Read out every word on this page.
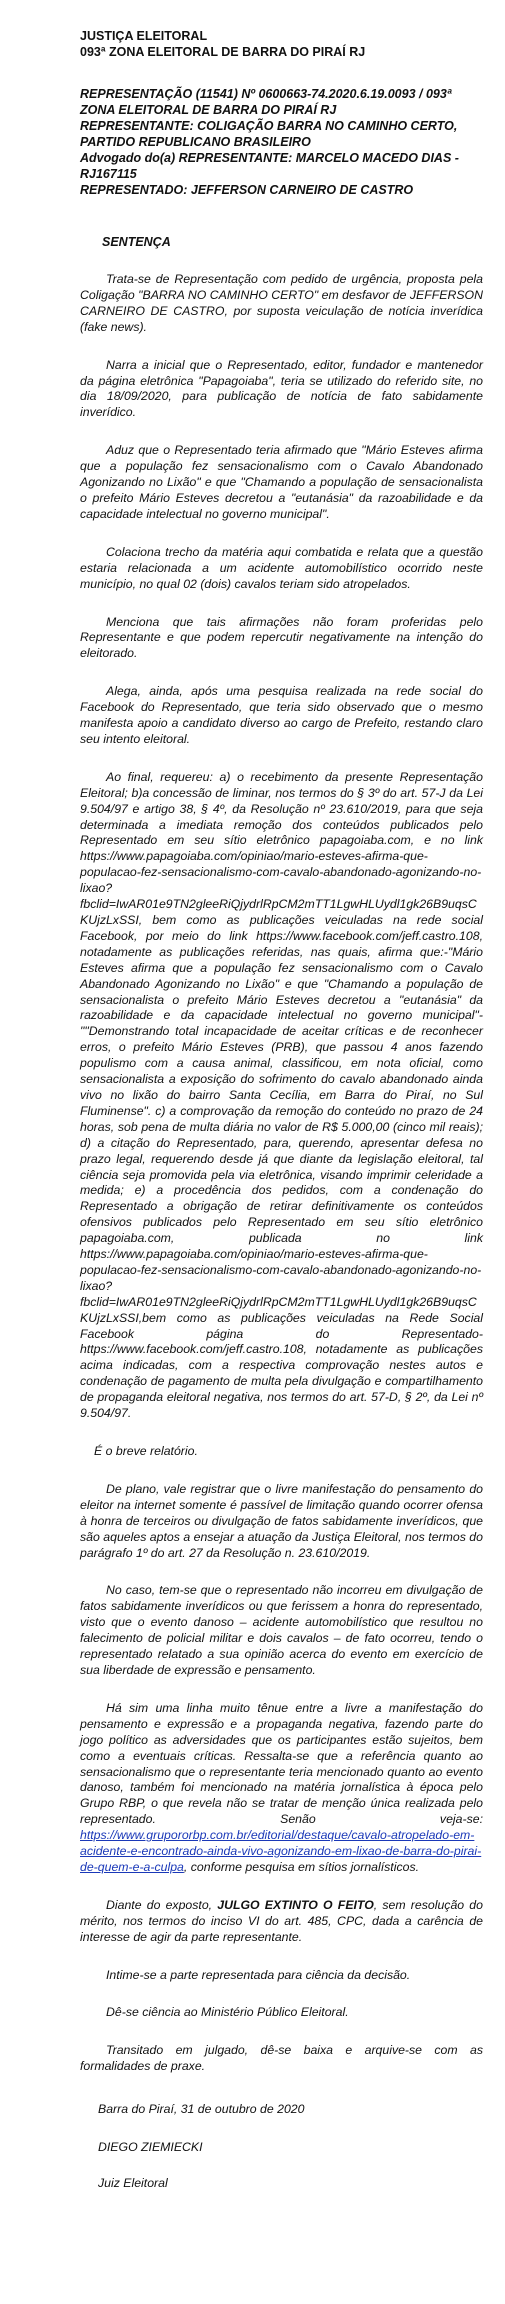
JUSTIÇA ELEITORAL
093ª ZONA ELEITORAL DE BARRA DO PIRAÍ RJ
REPRESENTAÇÃO (11541) Nº 0600663-74.2020.6.19.0093 / 093ª
ZONA ELEITORAL DE BARRA DO PIRAÍ RJ
REPRESENTANTE: COLIGAÇÃO BARRA NO CAMINHO CERTO,
PARTIDO REPUBLICANO BRASILEIRO
Advogado do(a) REPRESENTANTE: MARCELO MACEDO DIAS -
RJ167115
REPRESENTADO: JEFFERSON CARNEIRO DE CASTRO
SENTENÇA
Trata-se de Representação com pedido de urgência, proposta pela Coligação "BARRA NO CAMINHO CERTO" em desfavor de JEFFERSON CARNEIRO DE CASTRO, por suposta veiculação de notícia inverídica (fake news).
Narra a inicial que o Representado, editor, fundador e mantenedor da página eletrônica "Papagoiaba", teria se utilizado do referido site, no dia 18/09/2020, para publicação de notícia de fato sabidamente inverídico.
Aduz que o Representado teria afirmado que "Mário Esteves afirma que a população fez sensacionalismo com o Cavalo Abandonado Agonizando no Lixão" e que "Chamando a população de sensacionalista o prefeito Mário Esteves decretou a "eutanásia" da razoabilidade e da capacidade intelectual no governo municipal".
Colaciona trecho da matéria aqui combatida e relata que a questão estaria relacionada a um acidente automobilístico ocorrido neste município, no qual 02 (dois) cavalos teriam sido atropelados.
Menciona que tais afirmações não foram proferidas pelo Representante e que podem repercutir negativamente na intenção do eleitorado.
Alega, ainda, após uma pesquisa realizada na rede social do Facebook do Representado, que teria sido observado que o mesmo manifesta apoio a candidato diverso ao cargo de Prefeito, restando claro seu intento eleitoral.
Ao final, requereu: a) o recebimento da presente Representação Eleitoral; b)a concessão de liminar, nos termos do § 3º do art. 57-J da Lei 9.504/97 e artigo 38, § 4º, da Resolução nº 23.610/2019, para que seja determinada a imediata remoção dos conteúdos publicados pelo Representado em seu sítio eletrônico papagoiaba.com, e no link https://www.papagoiaba.com/opiniao/mario-esteves-afirma-que-populacao-fez-sensacionalismo-com-cavalo-abandonado-agonizando-no-lixao?fbclid=IwAR01e9TN2gleeRiQjydrlRpCM2mTT1LgwHLUydl1gk26B9uqsCKUjzLxSSI, bem como as publicações veiculadas na rede social Facebook, por meio do link https://www.facebook.com/jeff.castro.108, notadamente as publicações referidas, nas quais, afirma que:-"Mário Esteves afirma que a população fez sensacionalismo com o Cavalo Abandonado Agonizando no Lixão" e que "Chamando a população de sensacionalista o prefeito Mário Esteves decretou a "eutanásia" da razoabilidade e da capacidade intelectual no governo municipal"- ""Demonstrando total incapacidade de aceitar críticas e de reconhecer erros, o prefeito Mário Esteves (PRB), que passou 4 anos fazendo populismo com a causa animal, classificou, em nota oficial, como sensacionalista a exposição do sofrimento do cavalo abandonado ainda vivo no lixão do bairro Santa Cecília, em Barra do Piraí, no Sul Fluminense". c) a comprovação da remoção do conteúdo no prazo de 24 horas, sob pena de multa diária no valor de R$ 5.000,00 (cinco mil reais); d) a citação do Representado, para, querendo, apresentar defesa no prazo legal, requerendo desde já que diante da legislação eleitoral, tal ciência seja promovida pela via eletrônica, visando imprimir celeridade a medida; e) a procedência dos pedidos, com a condenação do Representado a obrigação de retirar definitivamente os conteúdos ofensivos publicados pelo Representado em seu sítio eletrônico papagoiaba.com, publicada no link https://www.papagoiaba.com/opiniao/mario-esteves-afirma-que-populacao-fez-sensacionalismo-com-cavalo-abandonado-agonizando-no-lixao?fbclid=IwAR01e9TN2gleeRiQjydrlRpCM2mTT1LgwHLUydl1gk26B9uqsCKUjzLxSSI,bem como as publicações veiculadas na Rede Social Facebook página do Representado-https://www.facebook.com/jeff.castro.108, notadamente as publicações acima indicadas, com a respectiva comprovação nestes autos e condenação de pagamento de multa pela divulgação e compartilhamento de propaganda eleitoral negativa, nos termos do art. 57-D, § 2º, da Lei nº 9.504/97.
É o breve relatório.
De plano, vale registrar que o livre manifestação do pensamento do eleitor na internet somente é passível de limitação quando ocorrer ofensa à honra de terceiros ou divulgação de fatos sabidamente inverídicos, que são aqueles aptos a ensejar a atuação da Justiça Eleitoral, nos termos do parágrafo 1º do art. 27 da Resolução n. 23.610/2019.
No caso, tem-se que o representado não incorreu em divulgação de fatos sabidamente inverídicos ou que ferissem a honra do representado, visto que o evento danoso – acidente automobilístico que resultou no falecimento de policial militar e dois cavalos – de fato ocorreu, tendo o representado relatado a sua opinião acerca do evento em exercício de sua liberdade de expressão e pensamento.
Há sim uma linha muito tênue entre a livre a manifestação do pensamento e expressão e a propaganda negativa, fazendo parte do jogo político as adversidades que os participantes estão sujeitos, bem como a eventuais críticas. Ressalta-se que a referência quanto ao sensacionalismo que o representante teria mencionado quanto ao evento danoso, também foi mencionado na matéria jornalística à época pelo Grupo RBP, o que revela não se tratar de menção única realizada pelo representado. Senão veja-se: https://www.grupororbp.com.br/editorial/destaque/cavalo-atropelado-em-acidente-e-encontrado-ainda-vivo-agonizando-em-lixao-de-barra-do-pirai-de-quem-e-a-culpa, conforme pesquisa em sítios jornalísticos.
Diante do exposto, JULGO EXTINTO O FEITO, sem resolução do mérito, nos termos do inciso VI do art. 485, CPC, dada a carência de interesse de agir da parte representante.
Intime-se a parte representada para ciência da decisão.
Dê-se ciência ao Ministério Público Eleitoral.
Transitado em julgado, dê-se baixa e arquive-se com as formalidades de praxe.
Barra do Piraí, 31 de outubro de 2020
DIEGO ZIEMIECKI
Juiz Eleitoral
